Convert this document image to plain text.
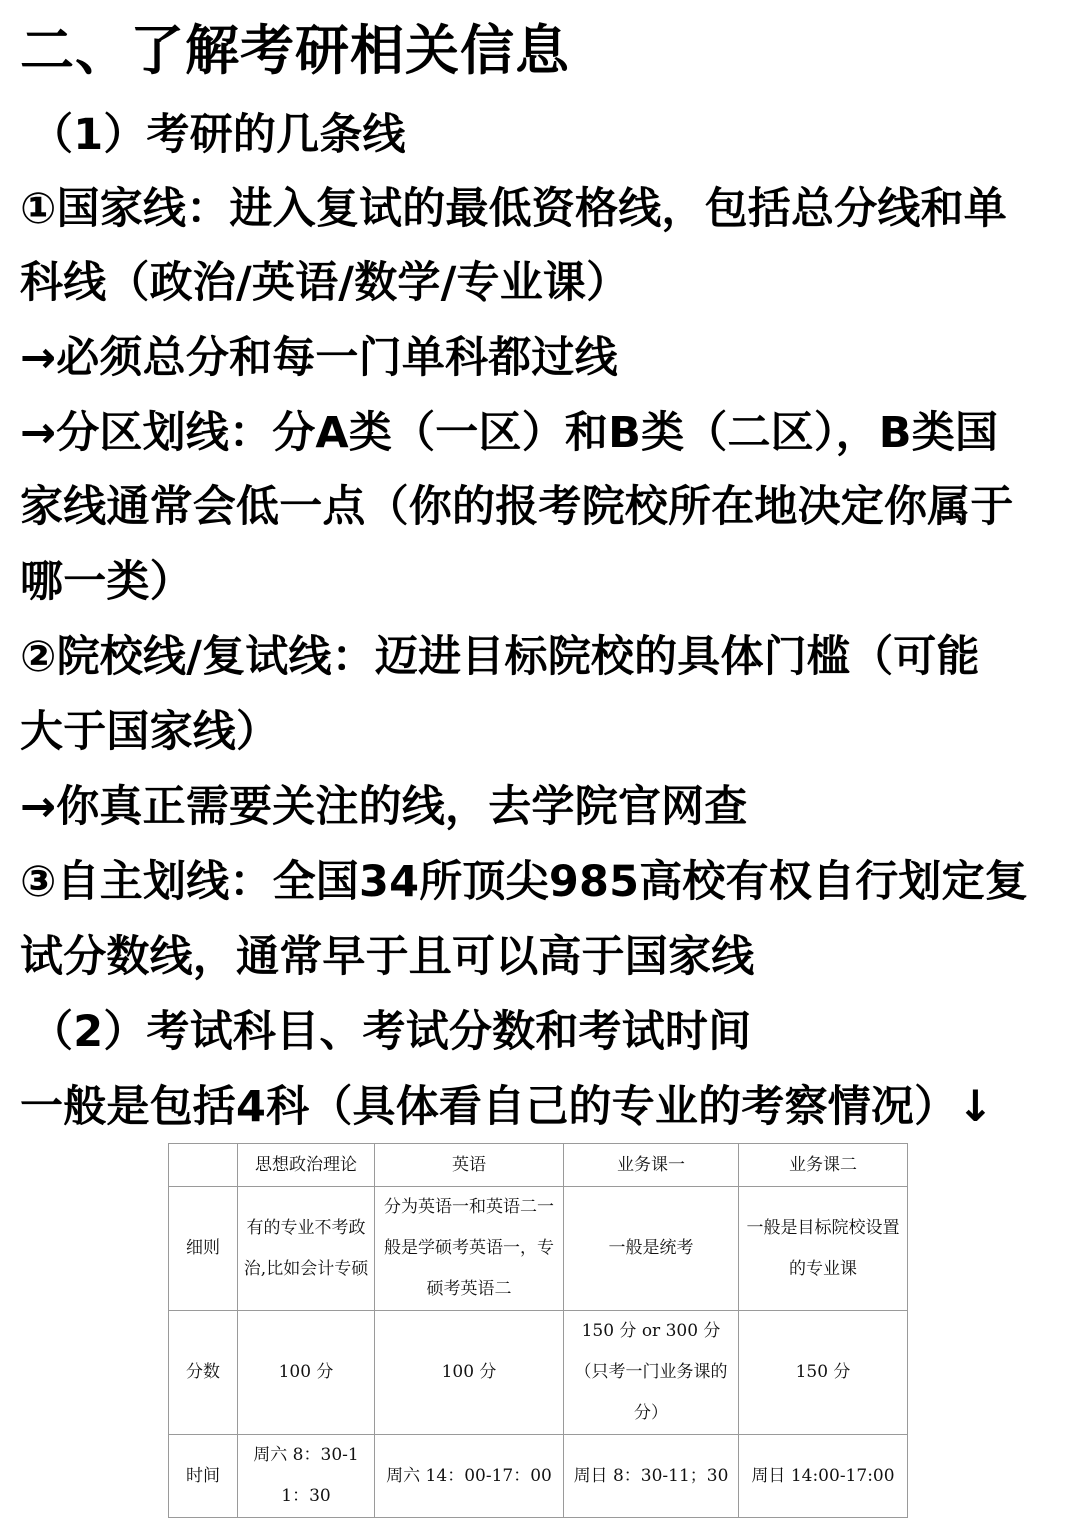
二、了解考研相关信息
（1）考研的几条线
①国家线：进入复试的最低资格线，包括总分线和单
科线（政治/英语/数学/专业课）
→必须总分和每一门单科都过线
→分区划线：分A类（一区）和B类（二区），B类国
家线通常会低一点（你的报考院校所在地决定你属于
哪一类）
②院校线/复试线：迈进目标院校的具体门槛（可能
大于国家线）
→你真正需要关注的线，去学院官网查
③自主划线：全国34所顶尖985高校有权自行划定复
试分数线，通常早于且可以高于国家线
（2）考试科目、考试分数和考试时间
一般是包括4科（具体看自己的专业的考察情况）↓
	思想政治理论	英语	业务课一	业务课二
细则	有的专业不考政治,比如会计专硕	分为英语一和英语二一般是学硕考英语一，专硕考英语二	一般是统考	一般是目标院校设置的专业课
分数	100 分	100 分	150 分 or 300 分（只考一门业务课的分）	150 分
时间	周六 8：30-11：30	周六 14：00-17：00	周日 8：30-11；30	周日 14:00-17:00
